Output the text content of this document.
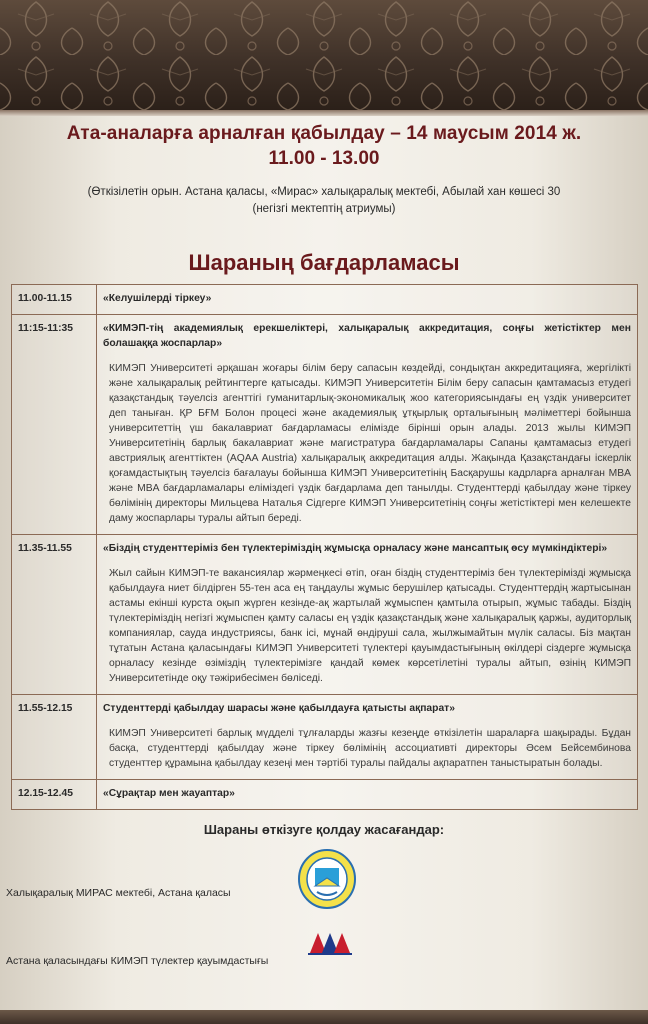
Ата-аналарға арналған қабылдау – 14 маусым 2014 ж.
11.00 - 13.00
(Өткізілетін орын. Астана қаласы, «Мирас» халықаралық мектебі, Абылай хан көшесі 30
(негізгі мектептің атриумы)
Шараның бағдарламасы
11.00-11.15	«Келушілерді тіркеу»

11:15-11:35	«КИМЭП-тің академиялық ерекшеліктері, халықаралық аккредитация, соңғы жетістіктер мен болашаққа жоспарлар»
КИМЭП Университеті әрқашан жоғары білім беру сапасын көздейді, сондықтан аккредитацияға, жергілікті және халықаралық рейтингтерге қатысады. КИМЭП Университетін Білім беру сапасын қамтамасыз етудегі қазақстандық тәуелсіз агенттігі гуманитарлық-экономикалық жоо категориясындағы ең үздік университет деп таныған. ҚР БҒМ Болон процесі және академиялық ұтқырлық орталығының мәліметтері бойынша университеттің үш бакалавриат бағдарламасы елімізде бірінші орын алады. 2013 жылы КИМЭП Университетінің барлық бакалавриат және магистратура бағдарламалары Сапаны қамтамасыз етудегі австриялық агенттіктен (AQAA Austria) халықаралық аккредитация алды. Жақында Қазақстандағы іскерлік қоғамдастықтың тәуелсіз бағалауы бойынша КИМЭП Университетінің Басқарушы кадрларға арналған MBA және MBA бағдарламалары еліміздегі үздік бағдарлама деп танылды. Студенттерді қабылдау және тіркеу бөлімінің директоры Мильцева Наталья Сідгерге КИМЭП Университетінің соңғы жетістіктері мен келешекте даму жоспарлары туралы айтып береді.

11.35-11.55	«Біздің студенттеріміз бен түлектеріміздің жұмысқа орналасу және мансаптық өсу мүмкіндіктері»
Жыл сайын КИМЭП-те вакансиялар жәрмеңкесі өтіп, оған біздің студенттеріміз бен түлектерімізді жұмысқа қабылдауға ниет білдірген 55-тен аса ең таңдаулы жұмыс берушілер қатысады. Студенттердің жартысынан астамы екінші курста оқып жүрген кезінде-ақ жартылай жұмыспен қамтыла отырып, жұмыс табады. Біздің түлектеріміздің негізгі жұмыспен қамту саласы ең үздік қазақстандық және халықаралық қаржы, аудиторлық компаниялар, сауда индустриясы, банк ісі, мұнай өндіруші сала, жылжымайтын мүлік саласы. Біз мақтан тұтатын Астана қаласындағы КИМЭП Университеті түлектері қауымдастығының өкілдері сіздерге жұмысқа орналасу кезінде өзіміздің түлектерімізге қандай көмек көрсетілетіні туралы айтып, өзінің КИМЭП Университетінде оқу тәжірибесімен бөліседі.

11.55-12.15	Студенттерді қабылдау шарасы және қабылдауға қатысты ақпарат»
КИМЭП Университеті барлық мүдделі тұлғаларды жазғы кезеңде өткізілетін шараларға шақырады. Бұдан басқа, студенттерді қабылдау және тіркеу бөлімінің ассоциативті директоры Әсем Бейсембинова студенттер құрамына қабылдау кезеңі мен тәртібі туралы пайдалы ақпаратпен таныстыратын болады.

12.15-12.45	«Сұрақтар мен жауаптар»
Шараны өткізуге қолдау жасағандар:
Халықаралық МИРАС мектебі, Астана қаласы
Астана қаласындағы КИМЭП түлектер қауымдастығы
